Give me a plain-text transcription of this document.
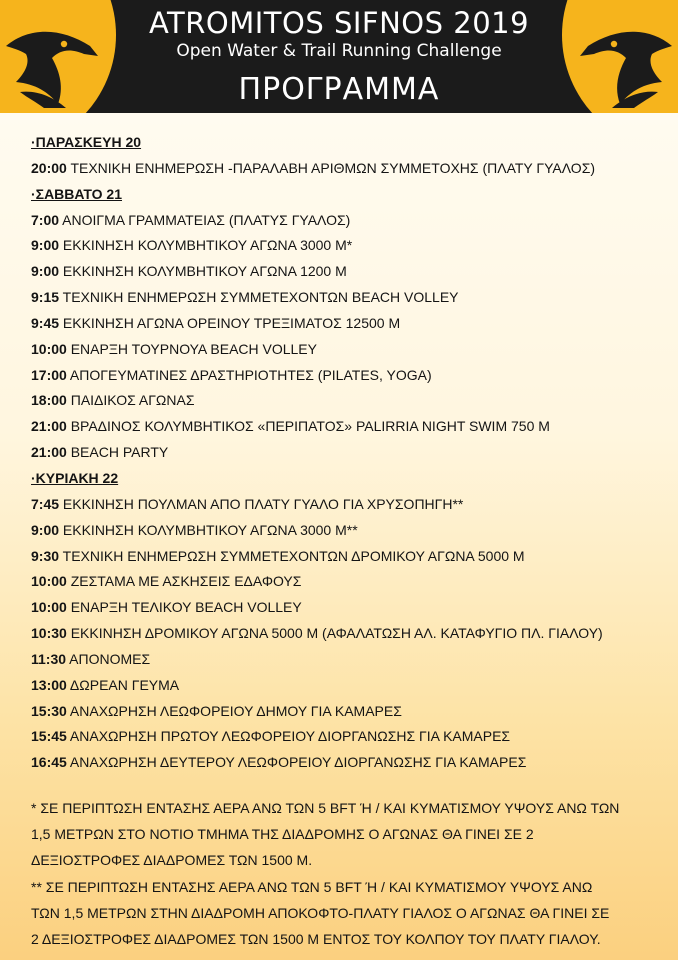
ATROMITOS SIFNOS 2019
Open Water & Trail Running Challenge
ΠΡΟΓΡΑΜΜΑ
·ΠΑΡΑΣΚΕΥΗ 20
20:00 ΤΕΧΝΙΚΗ ΕΝΗΜΕΡΩΣΗ -ΠΑΡΑΛΑΒΗ ΑΡΙΘΜΩΝ ΣΥΜΜΕΤΟΧΗΣ (ΠΛΑΤΥ ΓΥΑΛΟΣ)
·ΣΑΒΒΑΤΟ 21
7:00 ΑΝΟΙΓΜΑ ΓΡΑΜΜΑΤΕΙΑΣ (ΠΛΑΤΥΣ ΓΥΑΛΟΣ)
9:00 ΕΚΚΙΝΗΣΗ ΚΟΛΥΜΒΗΤΙΚΟΥ ΑΓΩΝΑ 3000 Μ*
9:00 ΕΚΚΙΝΗΣΗ ΚΟΛΥΜΒΗΤΙΚΟΥ ΑΓΩΝΑ 1200 Μ
9:15 ΤΕΧΝΙΚΗ ΕΝΗΜΕΡΩΣΗ ΣΥΜΜΕΤΕΧΟΝΤΩΝ BEACH VOLLEY
9:45 ΕΚΚΙΝΗΣΗ ΑΓΩΝΑ ΟΡΕΙΝΟΥ ΤΡΕΞΙΜΑΤΟΣ 12500 Μ
10:00 ΕΝΑΡΞΗ ΤΟΥΡΝΟΥΑ BEACH VOLLEY
17:00 ΑΠΟΓΕΥΜΑΤΙΝΕΣ ΔΡΑΣΤΗΡΙΟΤΗΤΕΣ (PILATES, YOGA)
18:00 ΠΑΙΔΙΚΟΣ ΑΓΩΝΑΣ
21:00 ΒΡΑΔΙΝΟΣ ΚΟΛΥΜΒΗΤΙΚΟΣ «ΠΕΡΙΠΑΤΟΣ» PALIRRIA NIGHT SWIM 750 M
21:00 BEACH PARTY
·ΚΥΡΙΑΚΗ 22
7:45 ΕΚΚΙΝΗΣΗ ΠΟΥΛΜΑΝ ΑΠΟ ΠΛΑΤΥ ΓΥΑΛΟ ΓΙΑ ΧΡΥΣΟΠΗΓΗ**
9:00 ΕΚΚΙΝΗΣΗ ΚΟΛΥΜΒΗΤΙΚΟΥ ΑΓΩΝΑ 3000 Μ**
9:30 ΤΕΧΝΙΚΗ ΕΝΗΜΕΡΩΣΗ ΣΥΜΜΕΤΕΧΟΝΤΩΝ ΔΡΟΜΙΚΟΥ ΑΓΩΝΑ 5000 Μ
10:00 ΖΕΣΤΑΜΑ ΜΕ ΑΣΚΗΣΕΙΣ ΕΔΑΦΟΥΣ
10:00 ΕΝΑΡΞΗ ΤΕΛΙΚΟΥ BEACH VOLLEY
10:30 ΕΚΚΙΝΗΣΗ ΔΡΟΜΙΚΟΥ ΑΓΩΝΑ 5000 Μ (ΑΦΑΛΑΤΩΣΗ ΑΛ. ΚΑΤΑΦΥΓΙΟ ΠΛ. ΓΙΑΛΟΥ)
11:30 ΑΠΟΝΟΜΕΣ
13:00 ΔΩΡΕΑΝ ΓΕΥΜΑ
15:30 ΑΝΑΧΩΡΗΣΗ ΛΕΩΦΟΡΕΙΟΥ ΔΗΜΟΥ ΓΙΑ ΚΑΜΑΡΕΣ
15:45 ΑΝΑΧΩΡΗΣΗ ΠΡΩΤΟΥ ΛΕΩΦΟΡΕΙΟΥ ΔΙΟΡΓΑΝΩΣΗΣ ΓΙΑ ΚΑΜΑΡΕΣ
16:45 ΑΝΑΧΩΡΗΣΗ ΔΕΥΤΕΡΟΥ ΛΕΩΦΟΡΕΙΟΥ ΔΙΟΡΓΑΝΩΣΗΣ ΓΙΑ ΚΑΜΑΡΕΣ

* ΣΕ ΠΕΡΙΠΤΩΣΗ ΕΝΤΑΣΗΣ ΑΕΡΑ ΑΝΩ ΤΩΝ 5 BFT Ή / ΚΑΙ ΚΥΜΑΤΙΣΜΟΥ ΥΨΟΥΣ ΑΝΩ ΤΩΝ
1,5 ΜΕΤΡΩΝ ΣΤΟ ΝΟΤΙΟ ΤΜΗΜΑ ΤΗΣ ΔΙΑΔΡΟΜΗΣ Ο ΑΓΩΝΑΣ ΘΑ ΓΙΝΕΙ ΣΕ 2
ΔΕΞΙΟΣΤΡΟΦΕΣ ΔΙΑΔΡΟΜΕΣ ΤΩΝ 1500 Μ.

** ΣΕ ΠΕΡΙΠΤΩΣΗ ΕΝΤΑΣΗΣ ΑΕΡΑ ΑΝΩ ΤΩΝ 5 BFT Ή / ΚΑΙ ΚΥΜΑΤΙΣΜΟΥ ΥΨΟΥΣ ΑΝΩ
ΤΩΝ 1,5 ΜΕΤΡΩΝ ΣΤΗΝ ΔΙΑΔΡΟΜΗ ΑΠΟΚΟΦΤΟ-ΠΛΑΤΥ ΓΙΑΛΟΣ Ο ΑΓΩΝΑΣ ΘΑ ΓΙΝΕΙ ΣΕ
2 ΔΕΞΙΟΣΤΡΟΦΕΣ ΔΙΑΔΡΟΜΕΣ ΤΩΝ 1500 Μ ΕΝΤΟΣ ΤΟΥ ΚΟΛΠΟΥ ΤΟΥ ΠΛΑΤΥ ΓΙΑΛΟΥ.
